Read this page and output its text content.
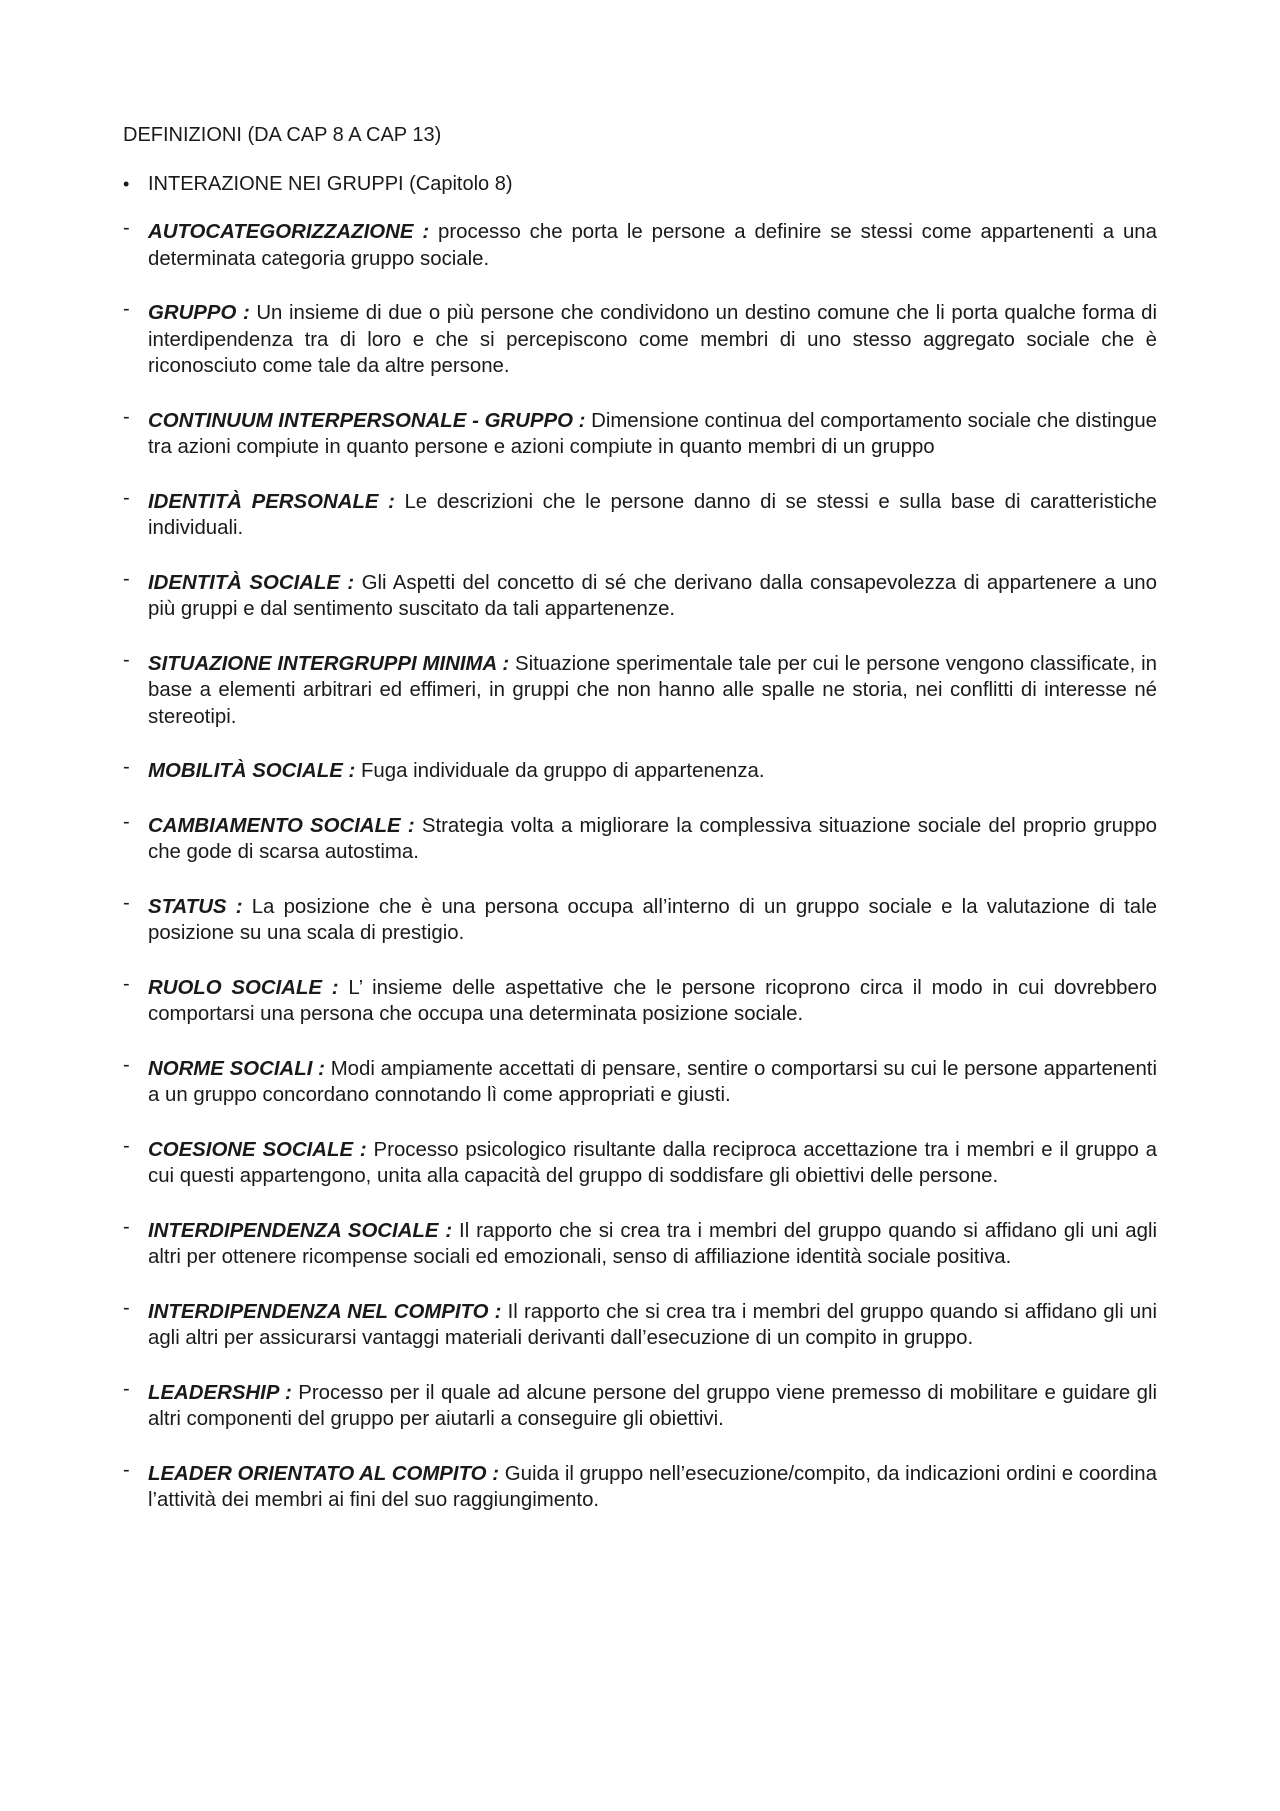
DEFINIZIONI (DA CAP 8 A CAP 13)
• INTERAZIONE NEI GRUPPI (Capitolo 8)
- AUTOCATEGORIZZAZIONE : processo che porta le persone a definire se stessi come appartenenti a una determinata categoria gruppo sociale.
- GRUPPO : Un insieme di due o più persone che condividono un destino comune che li porta qualche forma di interdipendenza tra di loro e che si percepiscono come membri di uno stesso aggregato sociale che è riconosciuto come tale da altre persone.
- CONTINUUM INTERPERSONALE - GRUPPO : Dimensione continua del comportamento sociale che distingue tra azioni compiute in quanto persone e azioni compiute in quanto membri di un gruppo
- IDENTITÀ PERSONALE : Le descrizioni che le persone danno di se stessi e sulla base di caratteristiche individuali.
- IDENTITÀ SOCIALE : Gli Aspetti del concetto di sé che derivano dalla consapevolezza di appartenere a uno più gruppi e dal sentimento suscitato da tali appartenenze.
- SITUAZIONE INTERGRUPPI MINIMA : Situazione sperimentale tale per cui le persone vengono classificate, in base a elementi arbitrari ed effimeri, in gruppi che non hanno alle spalle ne storia, nei conflitti di interesse né stereotipi.
- MOBILITÀ SOCIALE : Fuga individuale da gruppo di appartenenza.
- CAMBIAMENTO SOCIALE : Strategia volta a migliorare la complessiva situazione sociale del proprio gruppo che gode di scarsa autostima.
- STATUS : La posizione che è una persona occupa all’interno di un gruppo sociale e la valutazione di tale posizione su una scala di prestigio.
- RUOLO SOCIALE : L’ insieme delle aspettative che le persone ricoprono circa il modo in cui dovrebbero comportarsi una persona che occupa una determinata posizione sociale.
- NORME SOCIALI : Modi ampiamente accettati di pensare, sentire o comportarsi su cui le persone appartenenti a un gruppo concordano connotando lì come appropriati e giusti.
- COESIONE SOCIALE : Processo psicologico risultante dalla reciproca accettazione tra i membri e il gruppo a cui questi appartengono, unita alla capacità del gruppo di soddisfare gli obiettivi delle persone.
- INTERDIPENDENZA SOCIALE : Il rapporto che si crea tra i membri del gruppo quando si affidano gli uni agli altri per ottenere ricompense sociali ed emozionali, senso di affiliazione identità sociale positiva.
- INTERDIPENDENZA NEL COMPITO : Il rapporto che si crea tra i membri del gruppo quando si affidano gli uni agli altri per assicurarsi vantaggi materiali derivanti dall’esecuzione di un compito in gruppo.
- LEADERSHIP : Processo per il quale ad alcune persone del gruppo viene premesso di mobilitare e guidare gli altri componenti del gruppo per aiutarli a conseguire gli obiettivi.
- LEADER ORIENTATO AL COMPITO : Guida il gruppo nell’esecuzione/compito, da indicazioni ordini e coordina l’attività dei membri ai fini del suo raggiungimento.
